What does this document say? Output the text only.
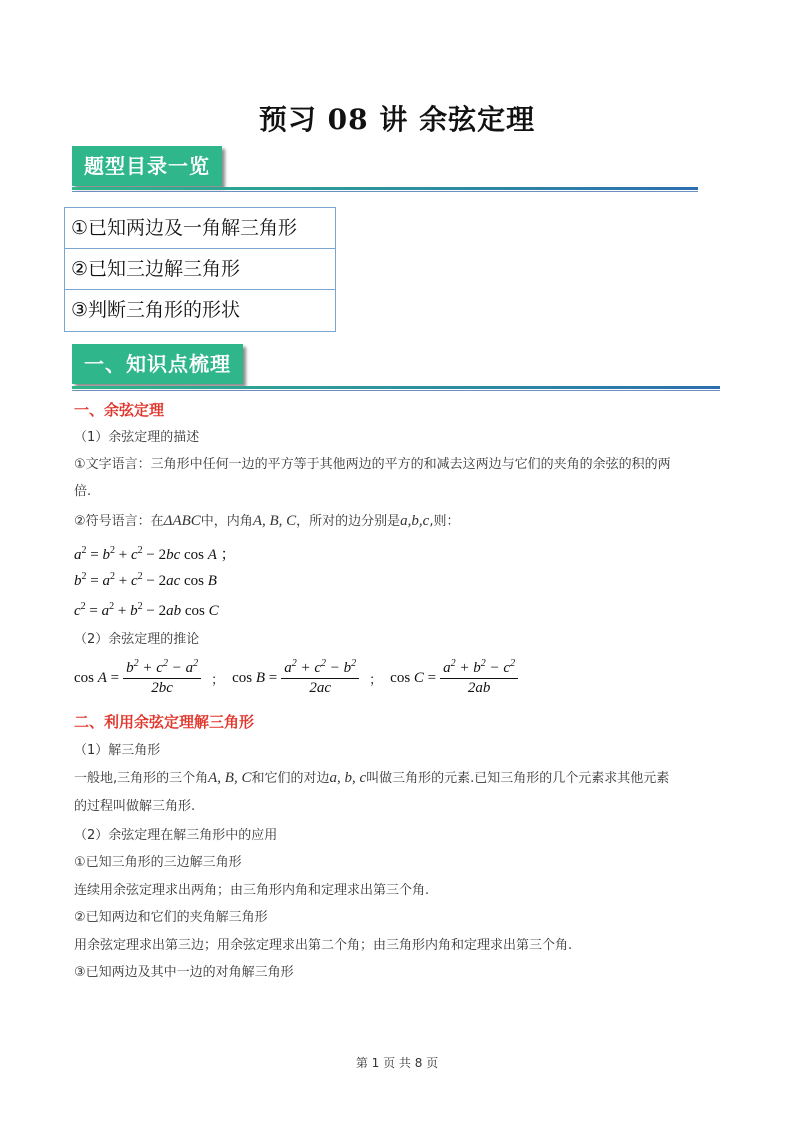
预习 08 讲 余弦定理
题型目录一览
①已知两边及一角解三角形
②已知三边解三角形
③判断三角形的形状
一、知识点梳理
一、余弦定理
（1）余弦定理的描述
①文字语言：三角形中任何一边的平方等于其他两边的平方的和减去这两边与它们的夹角的余弦的积的两
倍.
②符号语言：在ΔABC中，内角A, B, C，所对的边分别是a,b,c,则：
$a^2 = b^2 + c^2 - 2bc$ cos A ；
$b^2 = a^2 + c^2 - 2ac$ cos B
$c^2 = a^2 + b^2 - 2ab$ cos C
（2）余弦定理的推论
$\cos A = \frac{b^2 + c^2 - a^2}{2bc}$ ； $\cos B = \frac{a^2 + c^2 - b^2}{2ac}$ ； $\cos C = \frac{a^2 + b^2 - c^2}{2ab}$
二、利用余弦定理解三角形
（1）解三角形
一般地,三角形的三个角A, B, C和它们的对边a, b, c叫做三角形的元素.已知三角形的几个元素求其他元素
的过程叫做解三角形.
（2）余弦定理在解三角形中的应用
①已知三角形的三边解三角形
连续用余弦定理求出两角；由三角形内角和定理求出第三个角.
②已知两边和它们的夹角解三角形
用余弦定理求出第三边；用余弦定理求出第二个角；由三角形内角和定理求出第三个角.
③已知两边及其中一边的对角解三角形
第 1 页 共 8 页
